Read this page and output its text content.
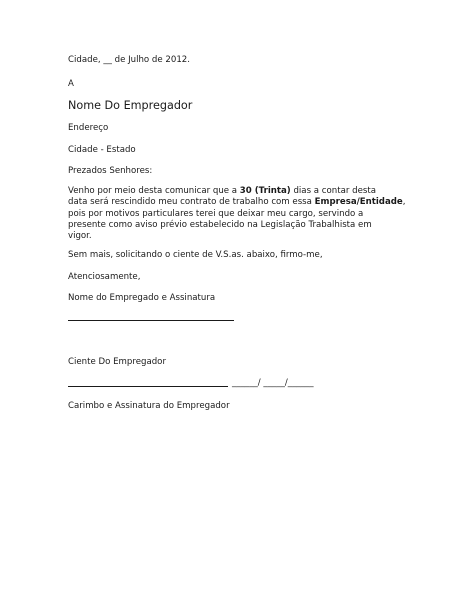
Cidade, __ de Julho de 2012.
A
Nome Do Empregador
Endereço
Cidade - Estado
Prezados Senhores:
Venho por meio desta comunicar que a 30 (Trinta) dias a contar desta
data será rescindido meu contrato de trabalho com essa Empresa/Entidade,
pois por motivos particulares terei que deixar meu cargo, servindo a
presente como aviso prévio estabelecido na Legislação Trabalhista em
vigor.
Sem mais, solicitando o ciente de V.S.as. abaixo, firmo-me,
Atenciosamente,
Nome do Empregado e Assinatura
Ciente Do Empregador
______/ _____/______
Carimbo e Assinatura do Empregador
